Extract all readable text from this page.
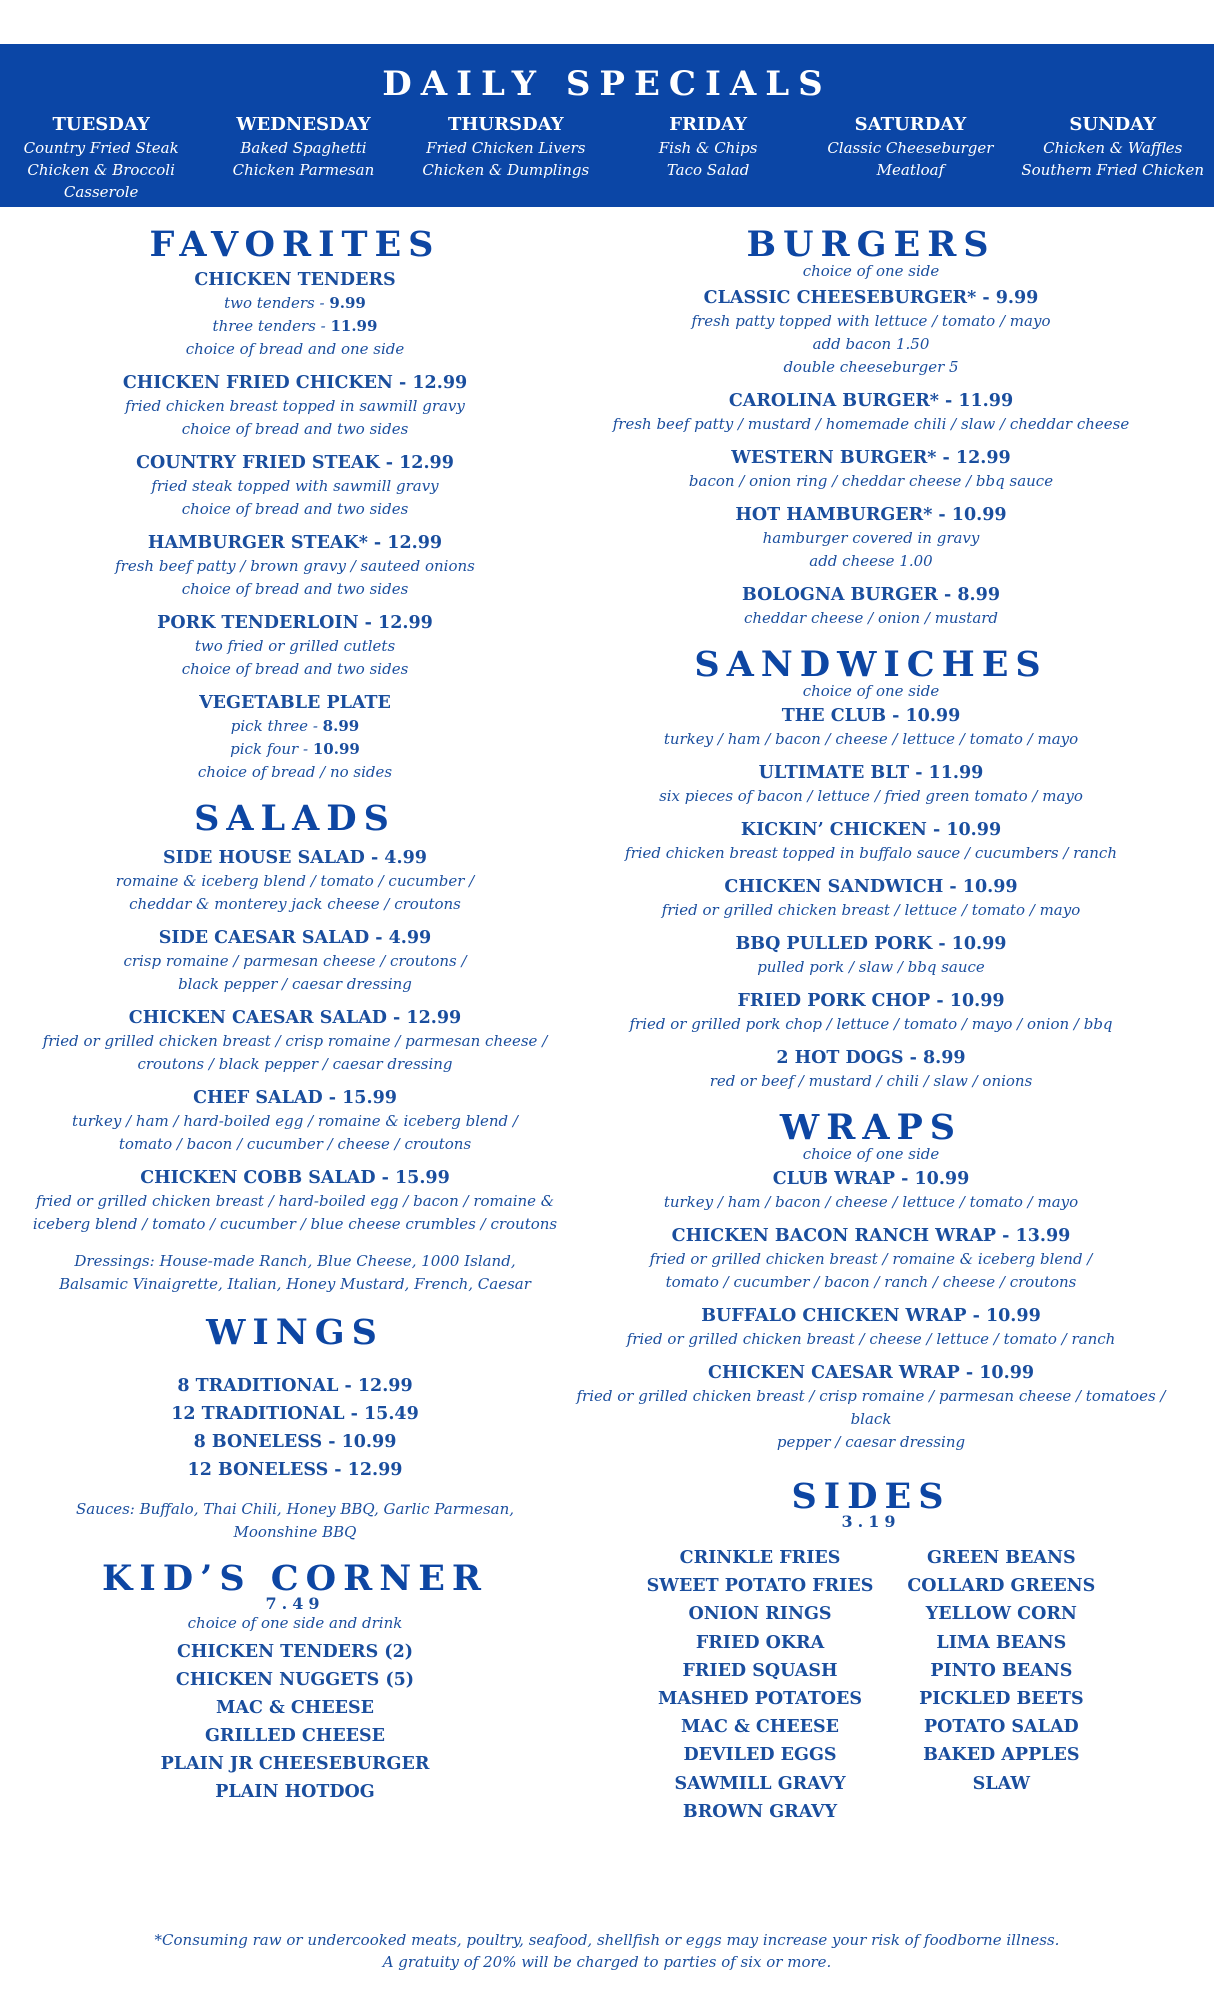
DAILY SPECIALS
TUESDAY
Country Fried Steak
Chicken & Broccoli Casserole
WEDNESDAY
Baked Spaghetti
Chicken Parmesan
THURSDAY
Fried Chicken Livers
Chicken & Dumplings
FRIDAY
Fish & Chips
Taco Salad
SATURDAY
Classic Cheeseburger
Meatloaf
SUNDAY
Chicken & Waffles
Southern Fried Chicken
FAVORITES
CHICKEN TENDERS
two tenders - 9.99
three tenders - 11.99
choice of bread and one side
CHICKEN FRIED CHICKEN - 12.99
fried chicken breast topped in sawmill gravy
choice of bread and two sides
COUNTRY FRIED STEAK - 12.99
fried steak topped with sawmill gravy
choice of bread and two sides
HAMBURGER STEAK* - 12.99
fresh beef patty / brown gravy / sauteed onions
choice of bread and two sides
PORK TENDERLOIN - 12.99
two fried or grilled cutlets
choice of bread and two sides
VEGETABLE PLATE
pick three - 8.99
pick four - 10.99
choice of bread / no sides
SALADS
SIDE HOUSE SALAD - 4.99
romaine & iceberg blend / tomato / cucumber /
cheddar & monterey jack cheese / croutons
SIDE CAESAR SALAD - 4.99
crisp romaine / parmesan cheese / croutons /
black pepper / caesar dressing
CHICKEN CAESAR SALAD - 12.99
fried or grilled chicken breast / crisp romaine / parmesan cheese /
croutons / black pepper / caesar dressing
CHEF SALAD - 15.99
turkey / ham / hard-boiled egg / romaine & iceberg blend /
tomato / bacon / cucumber / cheese / croutons
CHICKEN COBB SALAD - 15.99
fried or grilled chicken breast / hard-boiled egg / bacon / romaine &
iceberg blend / tomato / cucumber / blue cheese crumbles / croutons
Dressings: House-made Ranch, Blue Cheese, 1000 Island,
Balsamic Vinaigrette, Italian, Honey Mustard, French, Caesar
WINGS
8 TRADITIONAL - 12.99
12 TRADITIONAL - 15.49
8 BONELESS - 10.99
12 BONELESS - 12.99
Sauces: Buffalo, Thai Chili, Honey BBQ, Garlic Parmesan,
Moonshine BBQ
KID’S CORNER
7.49
choice of one side and drink
CHICKEN TENDERS (2)
CHICKEN NUGGETS (5)
MAC & CHEESE
GRILLED CHEESE
PLAIN JR CHEESEBURGER
PLAIN HOTDOG
BURGERS
choice of one side
CLASSIC CHEESEBURGER* - 9.99
fresh patty topped with lettuce / tomato / mayo
add bacon 1.50
double cheeseburger 5
CAROLINA BURGER* - 11.99
fresh beef patty / mustard / homemade chili / slaw / cheddar cheese
WESTERN BURGER* - 12.99
bacon / onion ring / cheddar cheese / bbq sauce
HOT HAMBURGER* - 10.99
hamburger covered in gravy
add cheese 1.00
BOLOGNA BURGER - 8.99
cheddar cheese / onion / mustard
SANDWICHES
choice of one side
THE CLUB - 10.99
turkey / ham / bacon / cheese / lettuce / tomato / mayo
ULTIMATE BLT - 11.99
six pieces of bacon / lettuce / fried green tomato / mayo
KICKIN’ CHICKEN - 10.99
fried chicken breast topped in buffalo sauce / cucumbers / ranch
CHICKEN SANDWICH - 10.99
fried or grilled chicken breast / lettuce / tomato / mayo
BBQ PULLED PORK - 10.99
pulled pork / slaw / bbq sauce
FRIED PORK CHOP - 10.99
fried or grilled pork chop / lettuce / tomato / mayo / onion / bbq
2 HOT DOGS - 8.99
red or beef / mustard / chili / slaw / onions
WRAPS
choice of one side
CLUB WRAP - 10.99
turkey / ham / bacon / cheese / lettuce / tomato / mayo
CHICKEN BACON RANCH WRAP - 13.99
fried or grilled chicken breast / romaine & iceberg blend /
tomato / cucumber / bacon / ranch / cheese / croutons
BUFFALO CHICKEN WRAP - 10.99
fried or grilled chicken breast / cheese / lettuce / tomato / ranch
CHICKEN CAESAR WRAP - 10.99
fried or grilled chicken breast / crisp romaine / parmesan cheese / tomatoes / black
pepper / caesar dressing
SIDES
3.19
CRINKLE FRIES
SWEET POTATO FRIES
ONION RINGS
FRIED OKRA
FRIED SQUASH
MASHED POTATOES
MAC & CHEESE
DEVILED EGGS
SAWMILL GRAVY
BROWN GRAVY
GREEN BEANS
COLLARD GREENS
YELLOW CORN
LIMA BEANS
PINTO BEANS
PICKLED BEETS
POTATO SALAD
BAKED APPLES
SLAW
*Consuming raw or undercooked meats, poultry, seafood, shellfish or eggs may increase your risk of foodborne illness.
A gratuity of 20% will be charged to parties of six or more.
